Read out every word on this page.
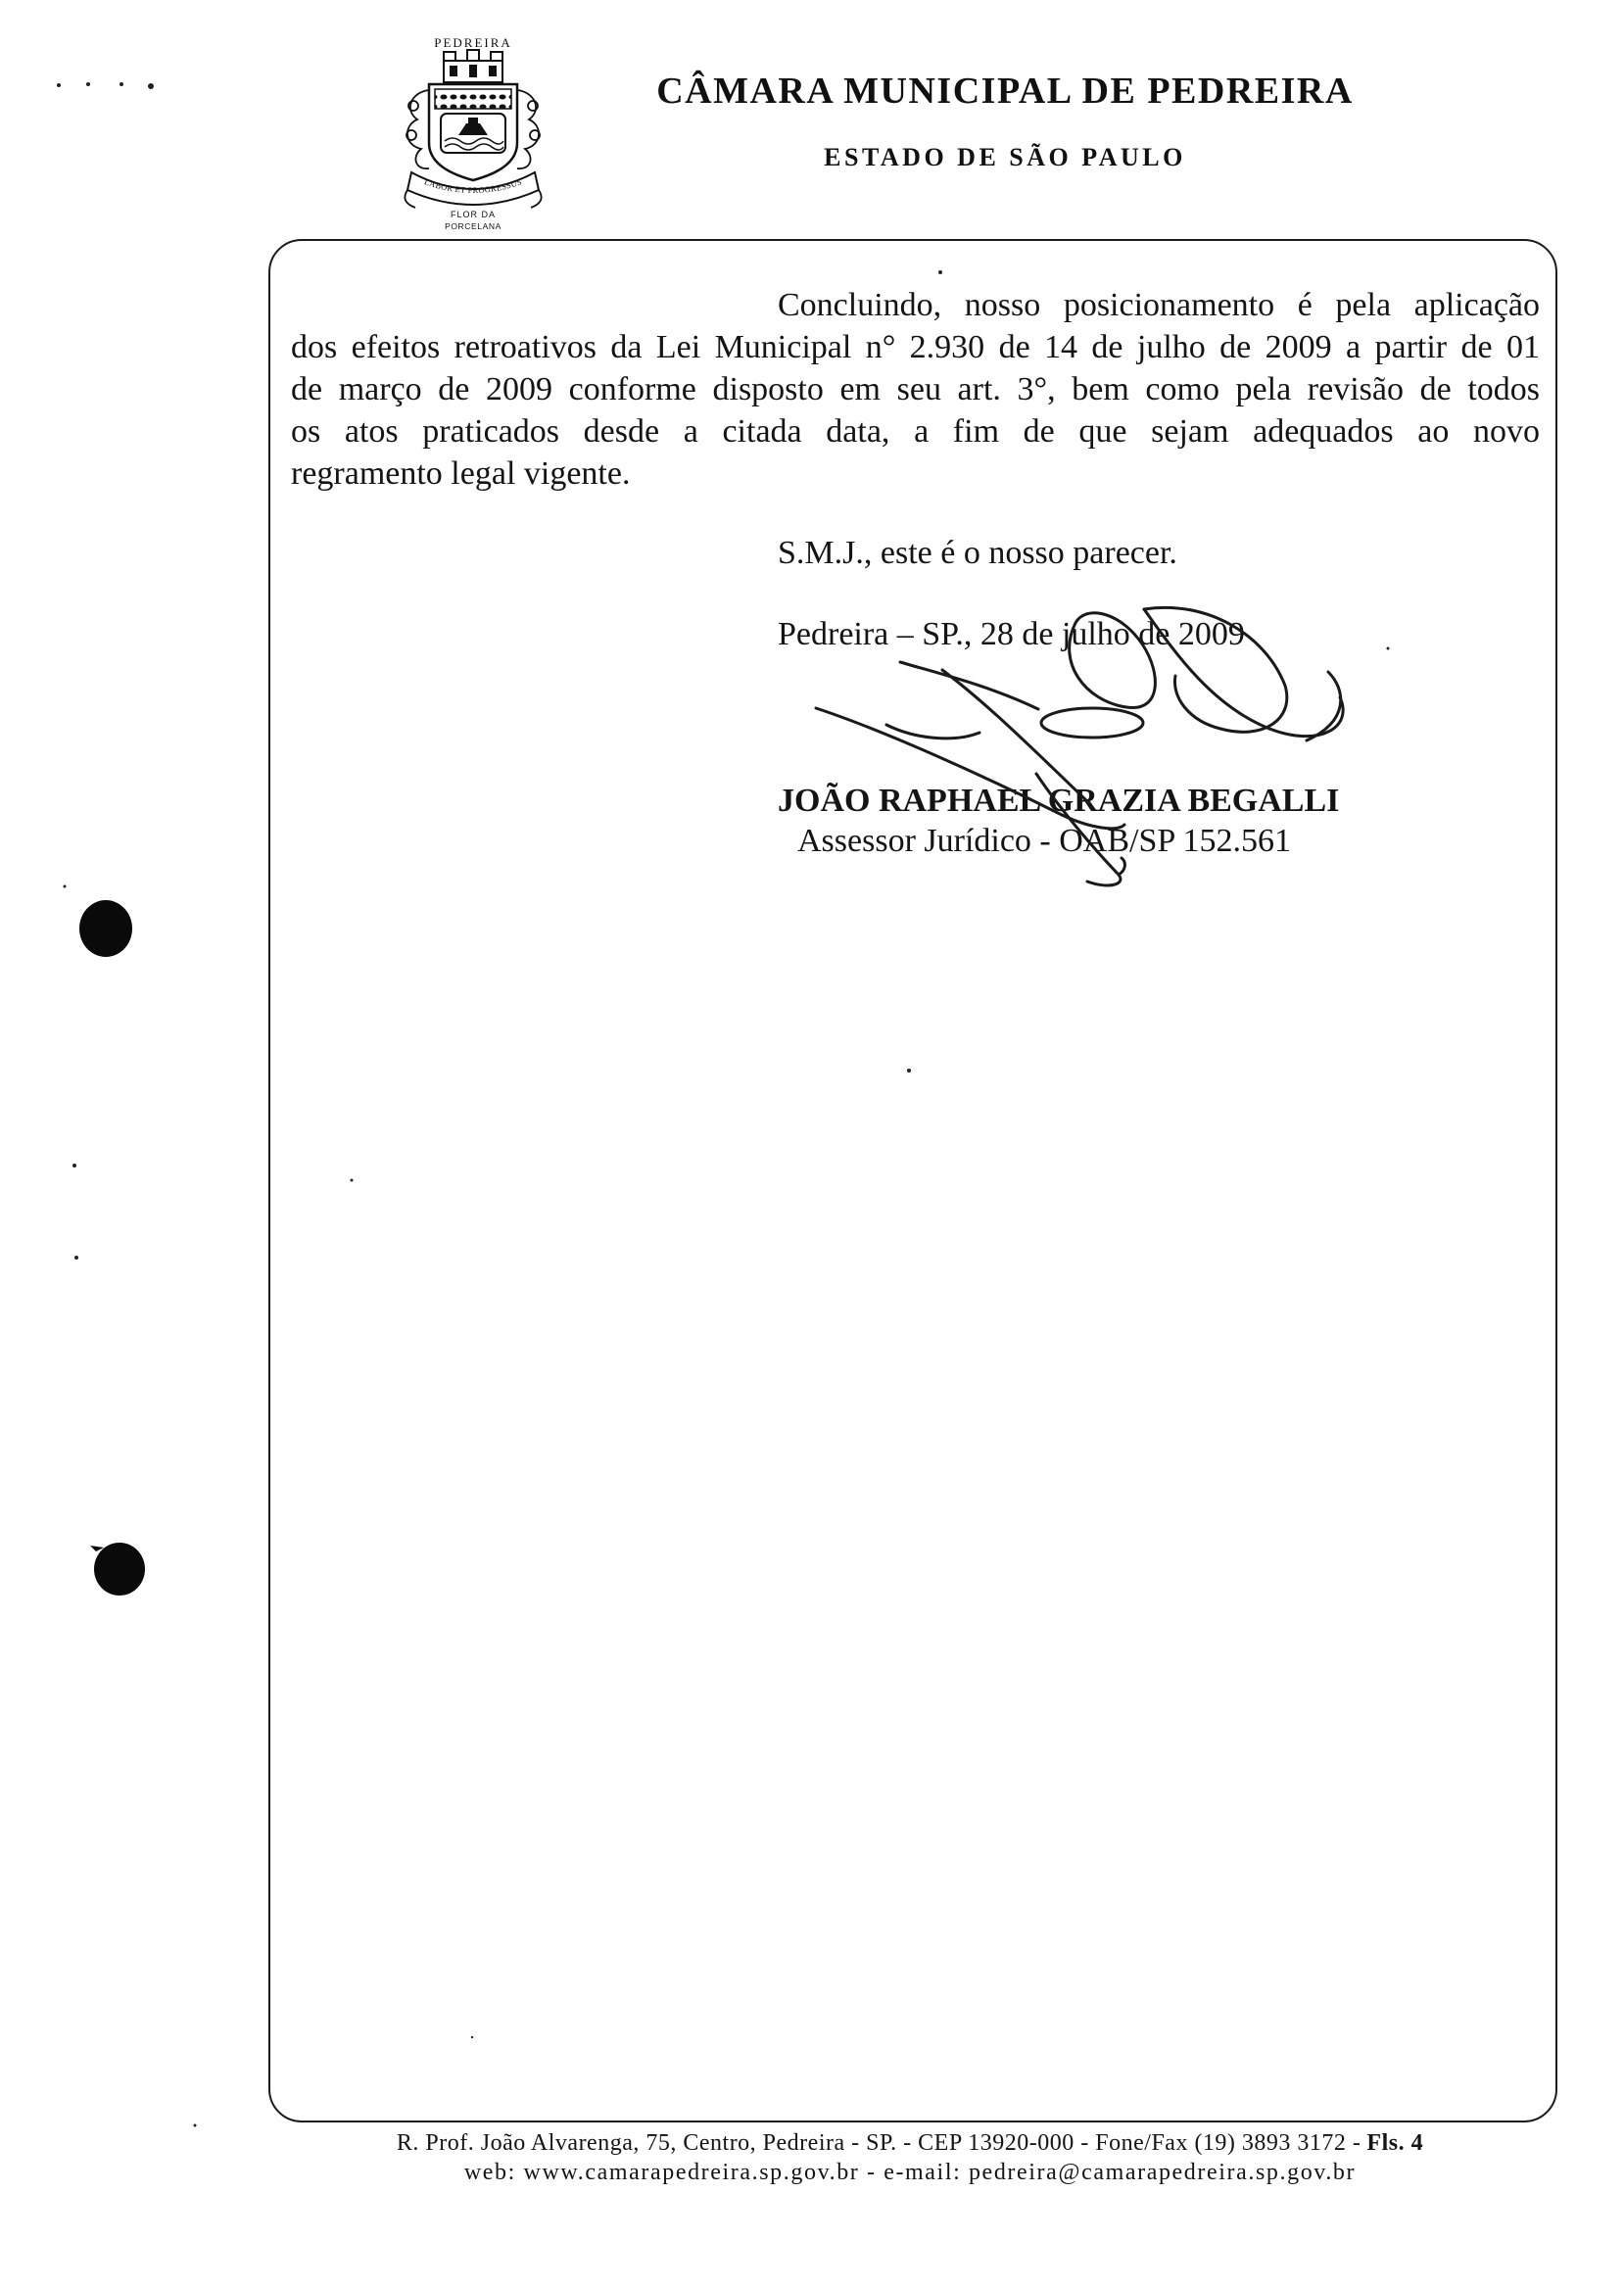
PEDREIRA
LABOR ET PROGRESSUS
FLOR DA
PORCELANA
CÂMARA MUNICIPAL DE PEDREIRA
ESTADO DE SÃO PAULO
Concluindo, nosso posicionamento é pela aplicação
dos efeitos retroativos da Lei Municipal n° 2.930 de 14 de julho de 2009 a partir de 01
de março de 2009 conforme disposto em seu art. 3°, bem como pela revisão de todos
os atos praticados desde a citada data, a fim de que sejam adequados ao novo
regramento legal vigente.
S.M.J., este é o nosso parecer.
Pedreira – SP., 28 de julho de 2009
JOÃO RAPHAEL GRAZIA BEGALLI
Assessor Jurídico - OAB/SP 152.561
R. Prof. João Alvarenga, 75, Centro, Pedreira - SP. - CEP 13920-000 - Fone/Fax (19) 3893 3172 - Fls. 4
web: www.camarapedreira.sp.gov.br - e-mail: pedreira@camarapedreira.sp.gov.br
